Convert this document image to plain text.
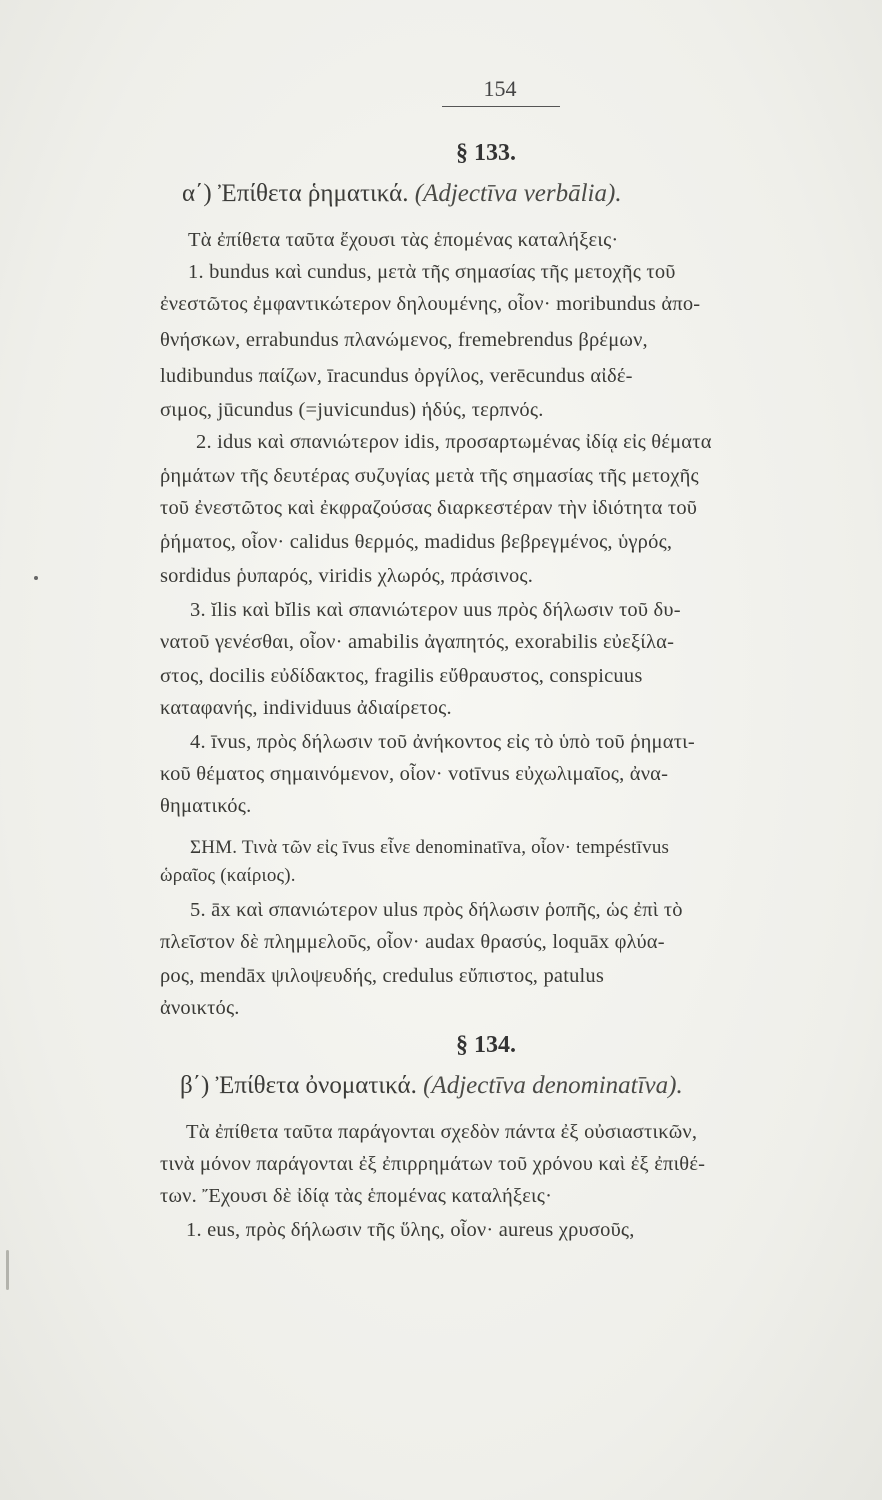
154
§ 133.
α΄) Ἐπίθετα ῥηματικά. (Adjectīva verbālia).
Τὰ ἐπίθετα ταῦτα ἔχουσι τὰς ἑπομένας καταλήξεις·
1. bundus καὶ cundus, μετὰ τῆς σημασίας τῆς μετοχῆς τοῦ
ἐνεστῶτος ἐμφαντικώτερον δηλουμένης, οἷον· moribundus ἀπο-
θνήσκων, errabundus πλανώμενος, fremebrendus βρέμων,
ludibundus παίζων, īracundus ὀργίλος, verēcundus αἰδέ-
σιμος, jūcundus (=juvicundus) ἡδύς, τερπνός.
2. idus καὶ σπανιώτερον idis, προσαρτωμένας ἰδίᾳ εἰς θέματα
ῥημάτων τῆς δευτέρας συζυγίας μετὰ τῆς σημασίας τῆς μετοχῆς
τοῦ ἐνεστῶτος καὶ ἐκφραζούσας διαρκεστέραν τὴν ἰδιότητα τοῦ
ῥήματος, οἷον· calidus θερμός, madidus βεβρεγμένος, ὑγρός,
sordidus ῥυπαρός, viridis χλωρός, πράσινος.
3. ĭlis καὶ bĭlis καὶ σπανιώτερον uus πρὸς δήλωσιν τοῦ δυ-
νατοῦ γενέσθαι, οἷον· amabilis ἀγαπητός, exorabilis εὐεξίλα-
στος, docilis εὐδίδακτος, fragilis εὔθραυστος, conspicuus
καταφανής, individuus ἀδιαίρετος.
4. īvus, πρὸς δήλωσιν τοῦ ἀνήκοντος εἰς τὸ ὑπὸ τοῦ ῥηματι-
κοῦ θέματος σημαινόμενον, οἷον· votīvus εὐχωλιμαῖος, ἀνα-
θηματικός.
ΣΗΜ. Τινὰ τῶν εἰς īvus εἶνε denominatīva, οἷον· tempéstīvus
ὡραῖος (καίριος).
5. āx καὶ σπανιώτερον ulus πρὸς δήλωσιν ῥοπῆς, ὡς ἐπὶ τὸ
πλεῖστον δὲ πλημμελοῦς, οἷον· audax θρασύς, loquāx φλύα-
ρος, mendāx ψιλοψευδής, credulus εὔπιστος, patulus
ἀνοικτός.
§ 134.
β΄) Ἐπίθετα ὀνοματικά. (Adjectīva denominatīva).
Τὰ ἐπίθετα ταῦτα παράγονται σχεδὸν πάντα ἐξ οὐσιαστικῶν,
τινὰ μόνον παράγονται ἐξ ἐπιρρημάτων τοῦ χρόνου καὶ ἐξ ἐπιθέ-
των. Ἔχουσι δὲ ἰδίᾳ τὰς ἑπομένας καταλήξεις·
1. eus, πρὸς δήλωσιν τῆς ὕλης, οἷον· aureus χρυσοῦς,
